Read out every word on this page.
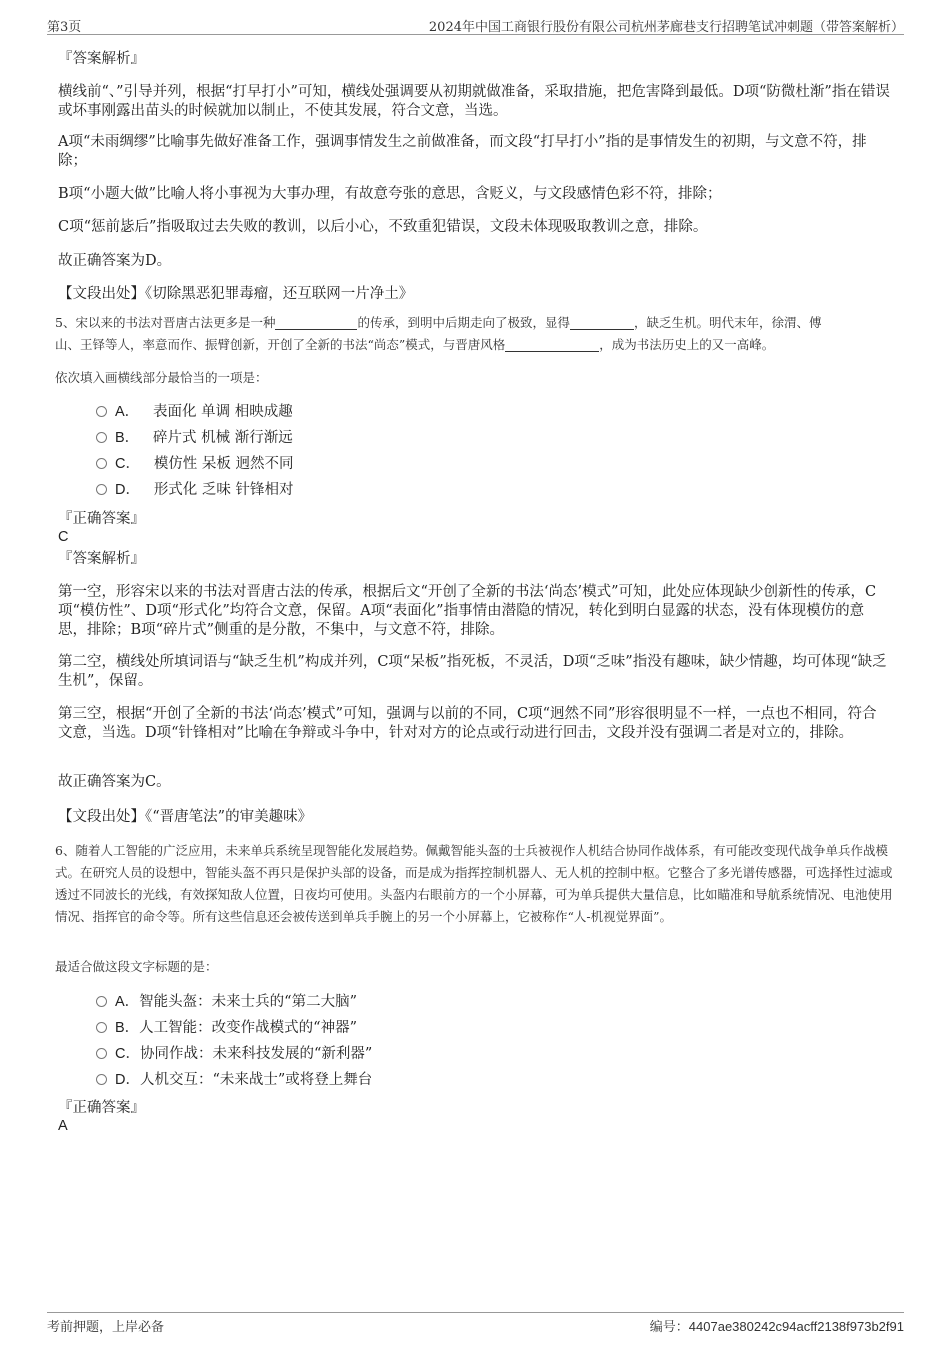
第3页	2024年中国工商银行股份有限公司杭州茅廊巷支行招聘笔试冲刺题（带答案解析）
『答案解析』
横线前“、”引导并列，根据“打早打小”可知，横线处强调要从初期就做准备，采取措施，把危害降到最低。D项“防微杜渐”指在错误或坏事刚露出苗头的时候就加以制止，不使其发展，符合文意，当选。
A项“未雨绸缪”比喻事先做好准备工作，强调事情发生之前做准备，而文段“打早打小”指的是事情发生的初期，与文意不符，排除；
B项“小题大做”比喻人将小事视为大事办理，有故意夸张的意思，含贬义，与文段感情色彩不符，排除；
C项“惩前毖后”指吸取过去失败的教训，以后小心，不致重犯错误，文段未体现吸取教训之意，排除。
故正确答案为D。
【文段出处】《切除黑恶犯罪毒瘤，还互联网一片净土》
5、宋以来的书法对晋唐古法更多是一种	的传承，到明中后期走向了极致，显得	，缺乏生机。明代末年，徐渭、傅
山、王铎等人，率意而作、振臂创新，开创了全新的书法“尚态”模式，与晋唐风格	，成为书法历史上的又一高峰。
依次填入画横线部分最恰当的一项是：
A． 表面化 单调 相映成趣
B． 碎片式 机械 渐行渐远
C． 模仿性 呆板 迥然不同
D． 形式化 乏味 针锋相对
『正确答案』
C
『答案解析』
第一空，形容宋以来的书法对晋唐古法的传承，根据后文“开创了全新的书法‘尚态’模式”可知，此处应体现缺少创新性的传承，C项“模仿性”、D项“形式化”均符合文意，保留。A项“表面化”指事情由潜隐的情况，转化到明白显露的状态，没有体现模仿的意思，排除；B项“碎片式”侧重的是分散，不集中，与文意不符，排除。
第二空，横线处所填词语与“缺乏生机”构成并列，C项“呆板”指死板，不灵活，D项“乏味”指没有趣味，缺少情趣，均可体现“缺乏生机”，保留。
第三空，根据“开创了全新的书法‘尚态’模式”可知，强调与以前的不同，C项“迥然不同”形容很明显不一样，一点也不相同，符合文意，当选。D项“针锋相对”比喻在争辩或斗争中，针对对方的论点或行动进行回击，文段并没有强调二者是对立的，排除。
故正确答案为C。
【文段出处】《“晋唐笔法”的审美趣味》
6、随着人工智能的广泛应用，未来单兵系统呈现智能化发展趋势。佩戴智能头盔的士兵被视作人机结合协同作战体系，有可能改变现代战争单兵作战模式。在研究人员的设想中，智能头盔不再只是保护头部的设备，而是成为指挥控制机器人、无人机的控制中枢。它整合了多光谱传感器，可选择性过滤或透过不同波长的光线，有效探知敌人位置，日夜均可使用。头盔内右眼前方的一个小屏幕，可为单兵提供大量信息，比如瞄准和导航系统情况、电池使用情况、指挥官的命令等。所有这些信息还会被传送到单兵手腕上的另一个小屏幕上，它被称作“人-机视觉界面”。
最适合做这段文字标题的是：
A．智能头盔：未来士兵的“第二大脑”
B．人工智能：改变作战模式的“神器”
C．协同作战：未来科技发展的“新利器”
D．人机交互：“未来战士”或将登上舞台
『正确答案』
A
考前押题，上岸必备	编号：4407ae380242c94acff2138f973b2f91
